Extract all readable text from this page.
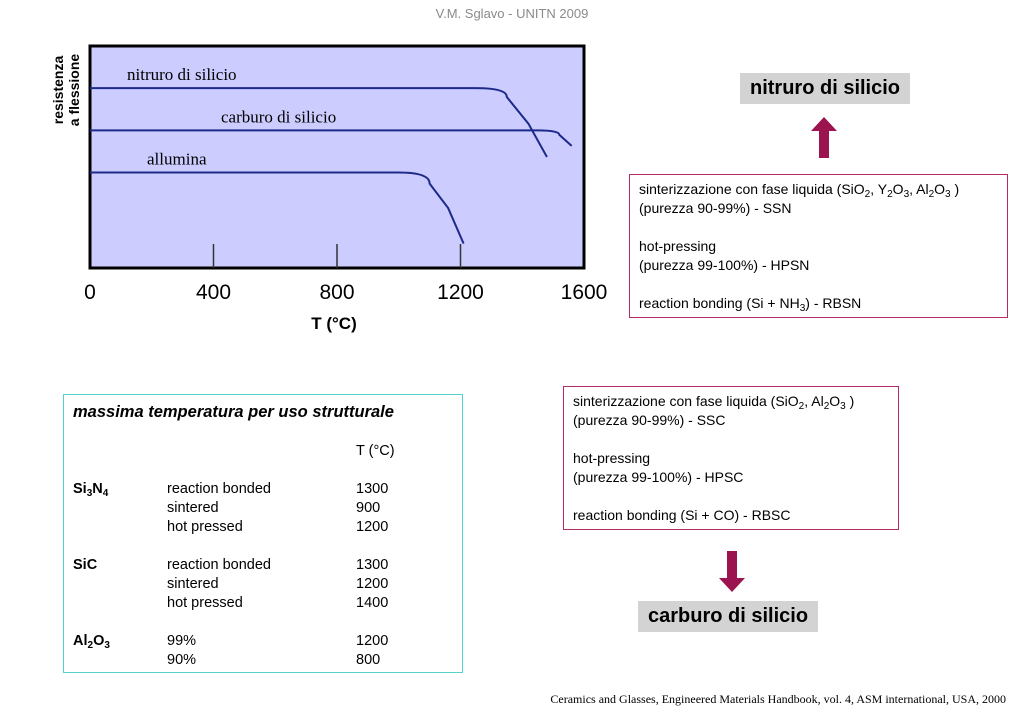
V.M. Sglavo - UNITN 2009
nitruro di silicio
carburo di silicio
allumina
0	400	800	1200	1600
T (°C)
resistenza a flessione	nitruro di silicio

sinterizzazione con fase liquida (SiO$_2$, $Y_2O_3$, $Al_2O_3$ )

(purezza 90-99%) - SSN

hot-pressing

(purezza 99-100%) - HPSN

reaction bonding $(Si + NH_3)$ - RBSN

sinterizzazione con fase liquida (SiO$_2$, $Al_2O_3$ )

(purezza 90-99%) - SSC

hot-pressing

(purezza 99-100%) - HPSC

reaction bonding (Si + CO) - RBSC

carburo di silicio
massima temperatura per uso strutturale
T (°C)
$Si_3N_4$	reaction bonded	1300
sintered	900
hot pressed	1200
SiC	reaction bonded	1300
sintered	1200
hot pressed	1400
$Al_2O_3$	99%	1200
90%	800
Ceramics and Glasses, Engineered Materials Handbook, vol. 4, ASM international, USA, 2000
